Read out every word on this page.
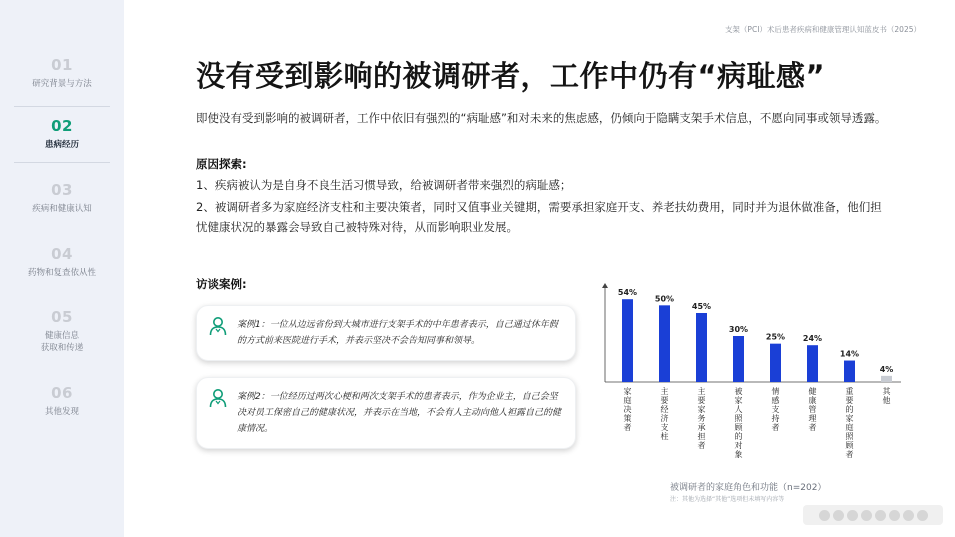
01
研究背景与方法
02
患病经历
03
疾病和健康认知
04
药物和复查依从性
05
健康信息
获取和传递
06
其他发现
支架（PCI）术后患者疾病和健康管理认知蓝皮书（2025）
没有受到影响的被调研者，工作中仍有“病耻感”
即使没有受到影响的被调研者，工作中依旧有强烈的“病耻感”和对未来的焦虑感，仍倾向于隐瞒支架手术信息，不愿向同事或领导透露。
原因探索:
1、疾病被认为是自身不良生活习惯导致，给被调研者带来强烈的病耻感；
2、被调研者多为家庭经济支柱和主要决策者，同时又值事业关键期，需要承担家庭开支、养老扶幼费用，同时并为退休做准备，他们担忧健康状况的暴露会导致自己被特殊对待，从而影响职业发展。
访谈案例:
案例1：一位从边远省份到大城市进行支架手术的中年患者表示，自己通过休年假的方式前来医院进行手术，并表示坚决不会告知同事和领导。
案例2：一位经历过两次心梗和两次支架手术的患者表示，作为企业主，自己会坚决对员工保密自己的健康状况，并表示在当地，不会有人主动向他人袒露自己的健康情况。
54%
家庭决策者
50%
主要经济支柱
45%
主要家务承担者
30%
被家人照顾的对象
25%
情感支持者
24%
健康管理者
14%
重要的家庭照顾者
4%
其他
被调研者的家庭角色和功能（n=202）
注：其他为选择“其他”选项但未填写内容等
